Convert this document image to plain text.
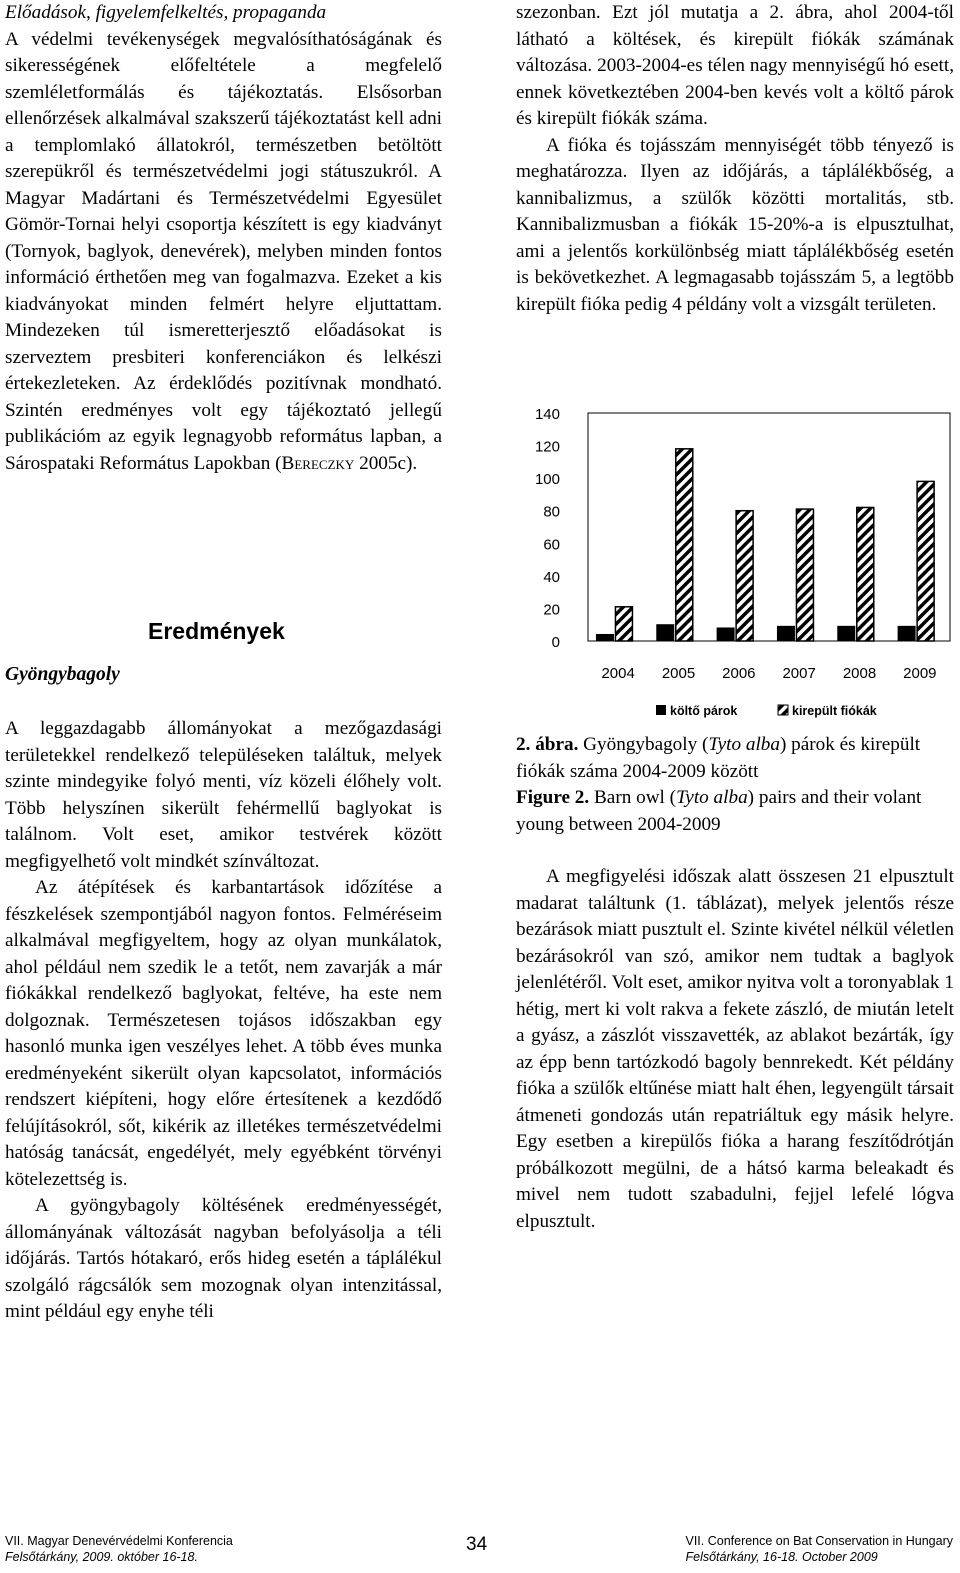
Előadások, figyelemfelkeltés, propaganda

A védelmi tevékenységek megvalósíthatóságának és sikerességének előfeltétele a megfelelő szemléletformálás és tájékoztatás. Elsősorban ellenőrzések alkalmával szakszerű tájékoztatást kell adni a templomlakó állatokról, természetben betöltött szerepükről és természetvédelmi jogi státuszukról. A Magyar Madártani és Természetvédelmi Egyesület Gömör-Tornai helyi csoportja készített is egy kiadványt (Tornyok, baglyok, denevérek), melyben minden fontos információ érthetően meg van fogalmazva. Ezeket a kis kiadványokat minden felmért helyre eljuttattam. Mindezeken túl ismeretterjesztő előadásokat is szerveztem presbiteri konferenciákon és lelkészi értekezleteken. Az érdeklődés pozitívnak mondható. Szintén eredményes volt egy tájékoztató jellegű publikációm az egyik legnagyobb református lapban, a Sárospataki Református Lapokban (Bereczky 2005c).

Eredmények
Gyöngybagoly

A leggazdagabb állományokat a mezőgazdasági területekkel rendelkező településeken találtuk, melyek szinte mindegyike folyó menti, víz közeli élőhely volt. Több helyszínen sikerült fehérmellű baglyokat is találnom. Volt eset, amikor testvérek között megfigyelhető volt mindkét színváltozat.

Az átépítések és karbantartások időzítése a fészkelések szempontjából nagyon fontos. Felméréseim alkalmával megfigyeltem, hogy az olyan munkálatok, ahol például nem szedik le a tetőt, nem zavarják a már fiókákkal rendelkező baglyokat, feltéve, ha este nem dolgoznak. Természetesen tojásos időszakban egy hasonló munka igen veszélyes lehet. A több éves munka eredményeként sikerült olyan kapcsolatot, információs rendszert kiépíteni, hogy előre értesítenek a kezdődő felújításokról, sőt, kikérik az illetékes természetvédelmi hatóság tanácsát, engedélyét, mely egyébként törvényi kötelezettség is.

A gyöngybagoly költésének eredményességét, állományának változását nagyban befolyásolja a téli időjárás. Tartós hótakaró, erős hideg esetén a táplálékul szolgáló rágcsálók sem mozognak olyan intenzitással, mint például egy enyhe téli

szezonban. Ezt jól mutatja a 2. ábra, ahol 2004-től látható a költések, és kirepült fiókák számának változása. 2003-2004-es télen nagy mennyiségű hó esett, ennek következtében 2004-ben kevés volt a költő párok és kirepült fiókák száma.

A fióka és tojásszám mennyiségét több tényező is meghatározza. Ilyen az időjárás, a táplálékbőség, a kannibalizmus, a szülők közötti mortalitás, stb. Kannibalizmusban a fiókák 15-20%-a is elpusztulhat, ami a jelentős korkülönbség miatt táplálékbőség esetén is bekövetkezhet. A legmagasabb tojásszám 5, a legtöbb kirepült fióka pedig 4 példány volt a vizsgált területen.

0
20
40
60
80
100
120
140
2004 2005 2006 2007 2008 2009
költő párok	kirepült fiókák

2. ábra. Gyöngybagoly (Tyto alba) párok és kirepült fiókák száma 2004-2009 között

Figure 2. Barn owl (Tyto alba) pairs and their volant young between 2004-2009

A megfigyelési időszak alatt összesen 21 elpusztult madarat találtunk (1. táblázat), melyek jelentős része bezárások miatt pusztult el. Szinte kivétel nélkül véletlen bezárásokról van szó, amikor nem tudtak a baglyok jelenlétéről. Volt eset, amikor nyitva volt a toronyablak 1 hétig, mert ki volt rakva a fekete zászló, de miután letelt a gyász, a zászlót visszavették, az ablakot bezárták, így az épp benn tartózkodó bagoly bennrekedt. Két példány fióka a szülők eltűnése miatt halt éhen, legyengült társait átmeneti gondozás után repatriáltuk egy másik helyre. Egy esetben a kirepülős fióka a harang feszítődrótján próbálkozott megülni, de a hátsó karma beleakadt és mivel nem tudott szabadulni, fejjel lefelé lógva elpusztult.

VII. Magyar Denevérvédelmi Konferencia
Felsőtárkány, 2009. október 16-18.
34	VII. Conference on Bat Conservation in Hungary
Felsőtárkány, 16-18. October 2009
